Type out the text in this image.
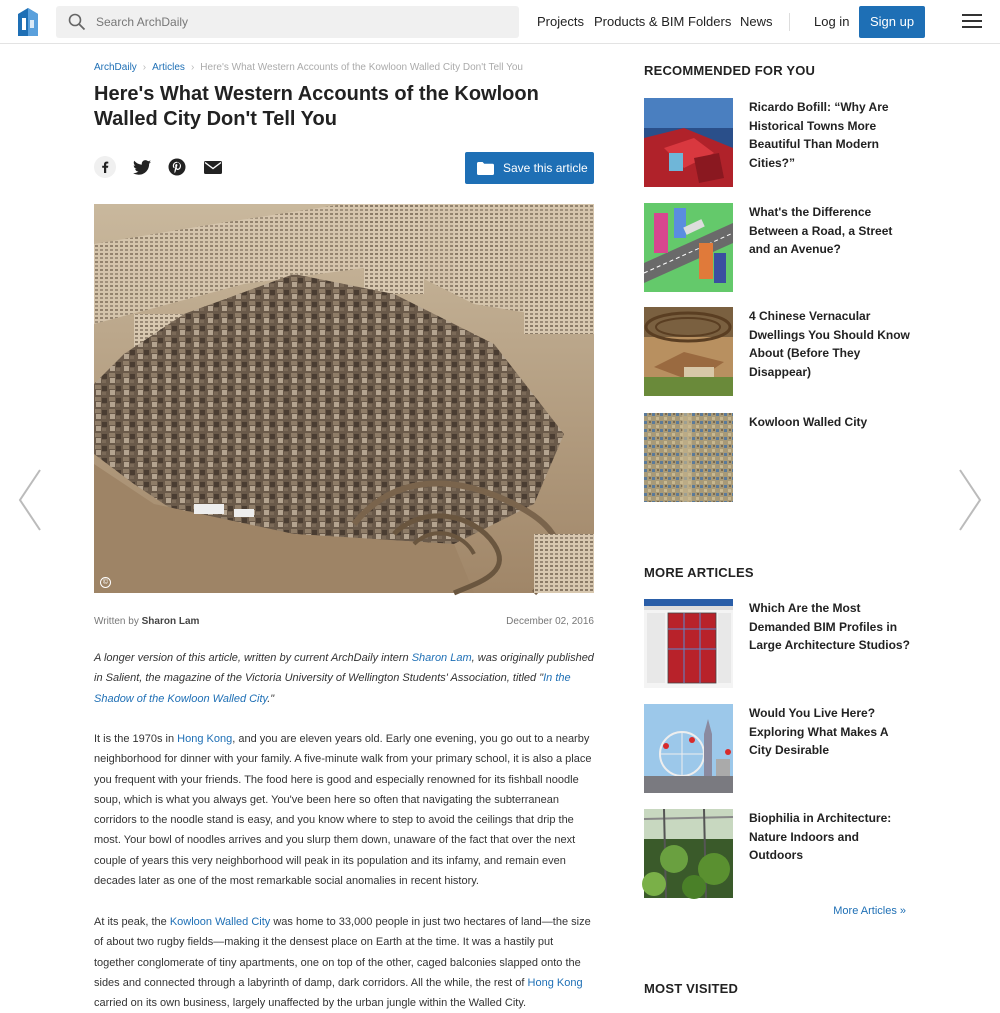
Search ArchDaily
Projects Products & BIM Folders News	Log in	Sign up
ArchDaily › Articles › Here's What Western Accounts of the Kowloon Walled City Don't Tell You
Here's What Western Accounts of the Kowloon Walled City Don't Tell You
Save this article
©
Written by Sharon Lam	December 02, 2016

A longer version of this article, written by current ArchDaily intern Sharon Lam, was originally published in Salient, the magazine of the Victoria University of Wellington Students' Association, titled "In the Shadow of the Kowloon Walled City."

It is the 1970s in Hong Kong, and you are eleven years old. Early one evening, you go out to a nearby neighborhood for dinner with your family. A five-minute walk from your primary school, it is also a place you frequent with your friends. The food here is good and especially renowned for its fishball noodle soup, which is what you always get. You've been here so often that navigating the subterranean corridors to the noodle stand is easy, and you know where to step to avoid the ceilings that drip the most. Your bowl of noodles arrives and you slurp them down, unaware of the fact that over the next couple of years this very neighborhood will peak in its population and its infamy, and remain even decades later as one of the most remarkable social anomalies in recent history.

At its peak, the Kowloon Walled City was home to 33,000 people in just two hectares of land—the size of about two rugby fields—making it the densest place on Earth at the time. It was a hastily put together conglomerate of tiny apartments, one on top of the other, caged balconies slapped onto the sides and connected through a labyrinth of damp, dark corridors. All the while, the rest of Hong Kong carried on its own business, largely unaffected by the urban jungle within the Walled City.

RECOMMENDED FOR YOU
Ricardo Bofill: “Why Are Historical Towns More Beautiful Than Modern Cities?”
What's the Difference Between a Road, a Street and an Avenue?
4 Chinese Vernacular Dwellings You Should Know About (Before They Disappear)
Kowloon Walled City
MORE ARTICLES
Which Are the Most Demanded BIM Profiles in Large Architecture Studios?
Would You Live Here? Exploring What Makes A City Desirable
Biophilia in Architecture: Nature Indoors and Outdoors
More Articles »
MOST VISITED
